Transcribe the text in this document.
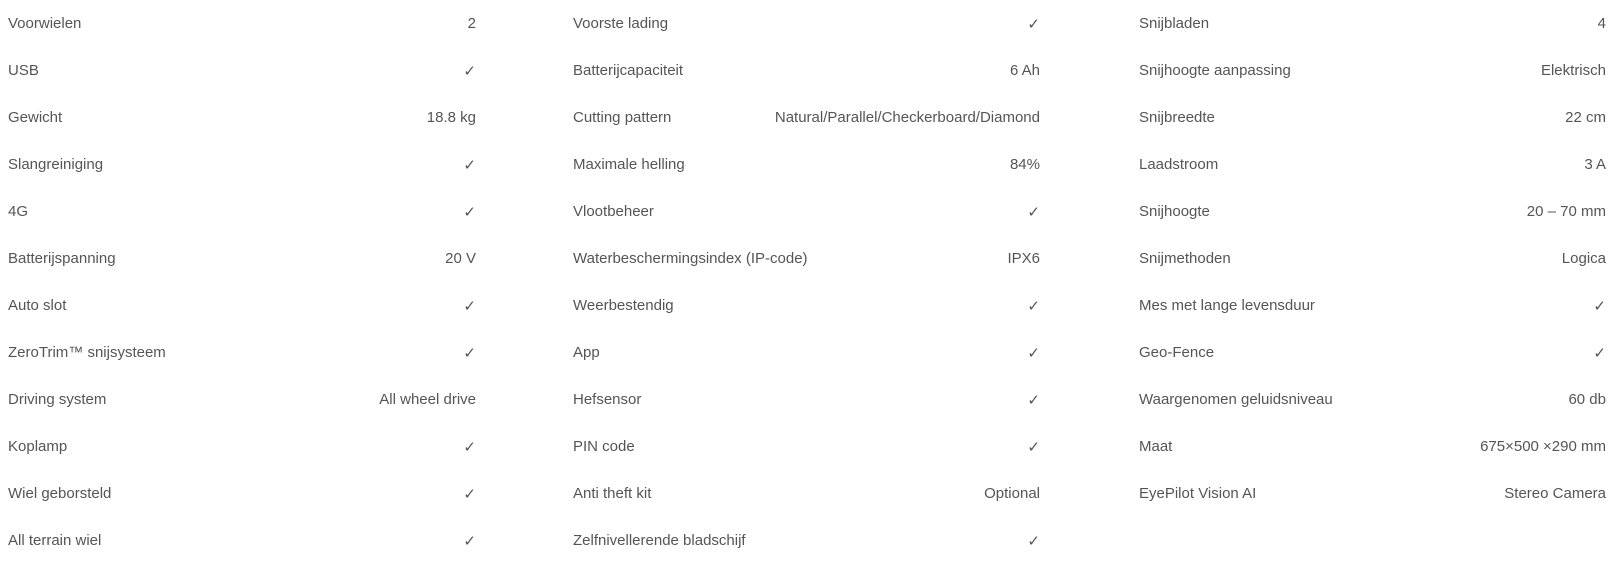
Voorwielen	2
USB	✓
Gewicht	18.8 kg
Slangreiniging	✓
4G	✓
Batterijspanning	20 V
Auto slot	✓
ZeroTrim™ snijsysteem	✓
Driving system	All wheel drive
Koplamp	✓
Wiel geborsteld	✓
All terrain wiel	✓
Voorste lading	✓
Batterijcapaciteit	6 Ah
Cutting pattern	Natural/Parallel/Checkerboard/Diamond
Maximale helling	84%
Vlootbeheer	✓
Waterbeschermingsindex (IP-code)	IPX6
Weerbestendig	✓
App	✓
Hefsensor	✓
PIN code	✓
Anti theft kit	Optional
Zelfnivellerende bladschijf	✓
Snijbladen	4
Snijhoogte aanpassing	Elektrisch
Snijbreedte	22 cm
Laadstroom	3 A
Snijhoogte	20 – 70 mm
Snijmethoden	Logica
Mes met lange levensduur	✓
Geo-Fence	✓
Waargenomen geluidsniveau	60 db
Maat	675×500 ×290 mm
EyePilot Vision AI	Stereo Camera
